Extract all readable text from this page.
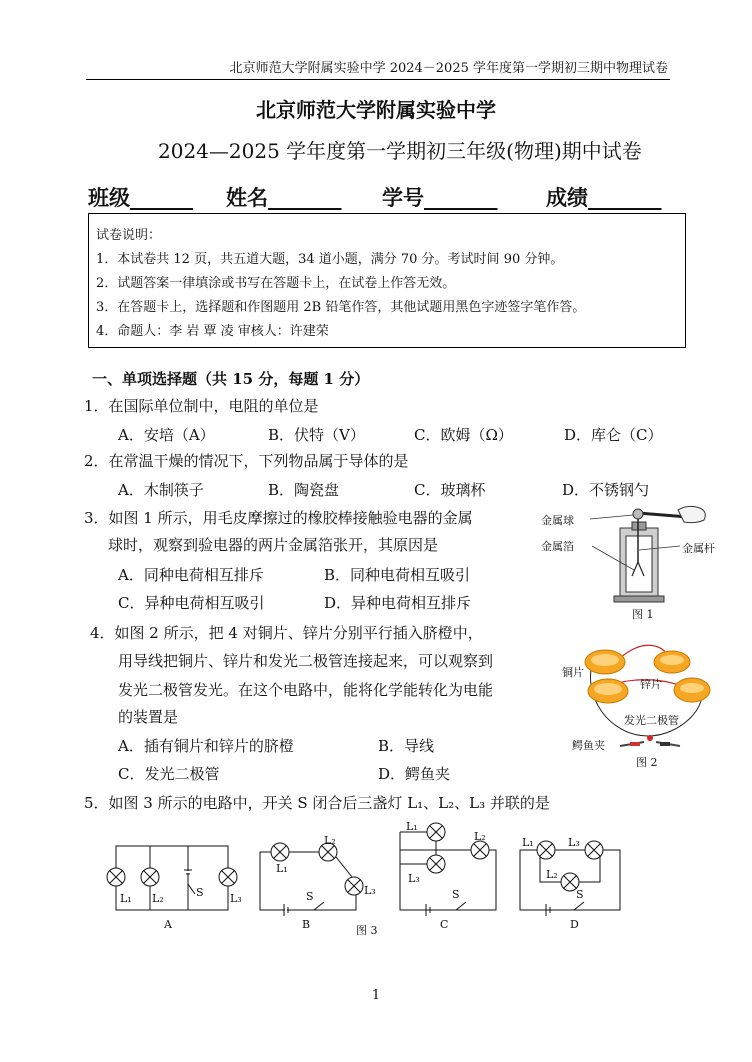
北京师范大学附属实验中学 2024－2025 学年度第一学期初三期中物理试卷
北京师范大学附属实验中学
2024—2025 学年度第一学期初三年级(物理)期中试卷
班级______ 姓名_______ 学号_______ 成绩_______
试卷说明：
1．本试卷共 12 页，共五道大题，34 道小题，满分 70 分。考试时间 90 分钟。
2．试题答案一律填涂或书写在答题卡上，在试卷上作答无效。
3．在答题卡上，选择题和作图题用 2B 铅笔作答，其他试题用黑色字迹签字笔作答。
4．命题人：李 岩 覃 凌 审核人：许建荣
一、单项选择题（共 15 分，每题 1 分）
1．在国际单位制中，电阻的单位是
A．安培（A）	B．伏特（V）	C．欧姆（Ω）	D．库仑（C）
2．在常温干燥的情况下，下列物品属于导体的是
A．木制筷子	B．陶瓷盘	C．玻璃杯	D．不锈钢勺
3．如图 1 所示，用毛皮摩擦过的橡胶棒接触验电器的金属
球时，观察到验电器的两片金属箔张开，其原因是
A．同种电荷相互排斥	B．同种电荷相互吸引
C．异种电荷相互吸引	D．异种电荷相互排斥
金属球
金属箔	金属杆
图 1
4．如图 2 所示，把 4 对铜片、锌片分别平行插入脐橙中，
用导线把铜片、锌片和发光二极管连接起来，可以观察到
发光二极管发光。在这个电路中，能将化学能转化为电能
的装置是
A．插有铜片和锌片的脐橙	B．导线
C．发光二极管	D．鳄鱼夹
铜片
锌片
发光二极管
鳄鱼夹
图 2
5．如图 3 所示的电路中，开关 S 闭合后三盏灯 L₁、L₂、L₃ 并联的是
L₁ L₂	S L₃
L₁
L₂
S	L₃
L₁
L₂
L₃
S
L₁	L₃
L₂
S
A	B	图 3	C	D
1
